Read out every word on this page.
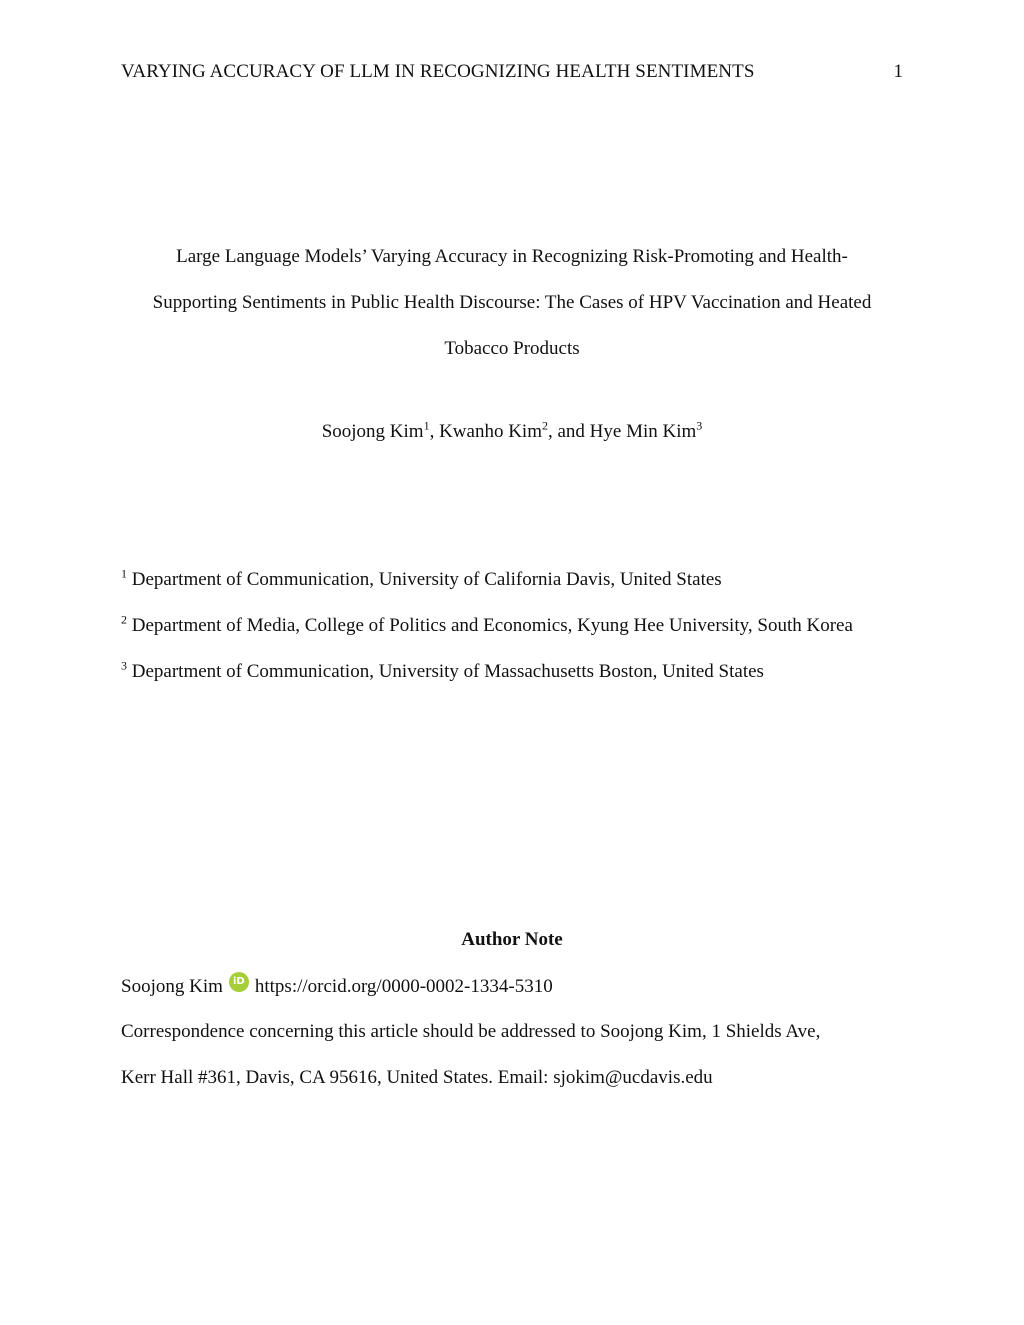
VARYING ACCURACY OF LLM IN RECOGNIZING HEALTH SENTIMENTS	1
Large Language Models’ Varying Accuracy in Recognizing Risk-Promoting and Health-
Supporting Sentiments in Public Health Discourse: The Cases of HPV Vaccination and Heated
Tobacco Products
Soojong Kim$^1$, Kwanho Kim$^2$, and Hye Min Kim$^3$
$^1$ Department of Communication, University of California Davis, United States
$^2$ Department of Media, College of Politics and Economics, Kyung Hee University, South Korea
$^3$ Department of Communication, University of Massachusetts Boston, United States
Author Note
Soojong Kim	iD https://orcid.org/0000-0002-1334-5310
Correspondence concerning this article should be addressed to Soojong Kim, 1 Shields Ave,
Kerr Hall #361, Davis, CA 95616, United States. Email: sjokim@ucdavis.edu
